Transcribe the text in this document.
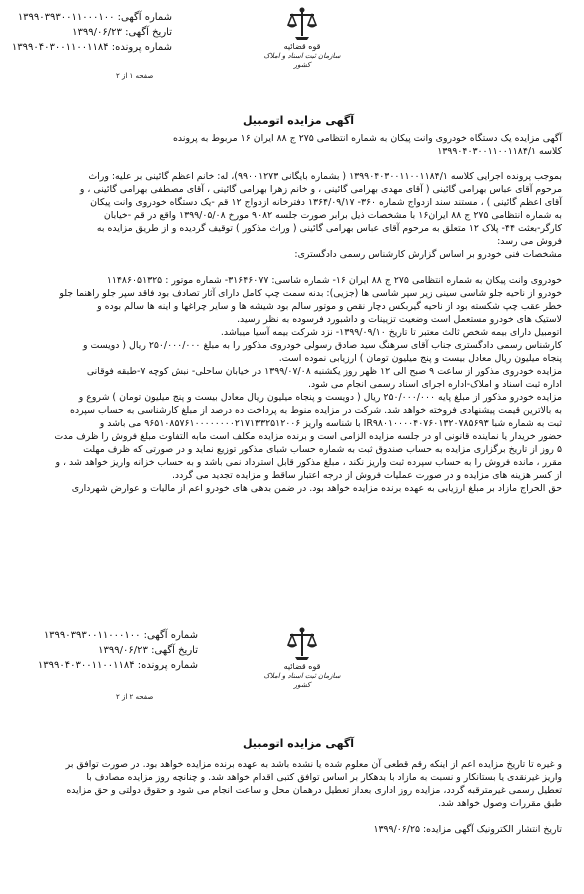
شماره آگهی: ۱۳۹۹۰۳۹۳۰۰۱۱۰۰۰۱۰۰
تاریخ آگهی: ۱۳۹۹/۰۶/۲۳
شماره پرونده: ۱۳۹۹۰۴۰۳۰۰۱۱۰۰۱۱۸۴	قوه قضائیه
سازمان ثبت اسناد و املاک کشور
صفحه ۱ از ۲
آگهی مزایده اتومبیل

آگهی مزایده یک دستگاه خودروی وانت پیکان به شماره انتظامی ۲۷۵ ج ۸۸ ایران ۱۶ مربوط به پرونده

کلاسه ۱۳۹۹۰۴۰۳۰۰۱۱۰۰۱۱۸۴/۱

بموجب پرونده اجرایی کلاسه ۱۳۹۹۰۴۰۳۰۰۱۱۰۰۱۱۸۴/۱ ( بشماره بایگانی ۹۹۰۰۱۲۷۳)، له: خانم اعظم گائینی بر علیه: وراث

مرحوم آقای عباس بهرامی گائینی ( آقای مهدی بهرامی گائینی ، و خانم زهرا بهرامی گائینی ، آقای مصطفی بهرامی گائینی ، و

آقای اعظم گائینی ) ، مستند سند ازدواج شماره ۳۶۰- ۱۳۶۴/۰۹/۱۷ دفترخانه ازدواج ۱۲ قم -یک دستگاه خودروی وانت پیکان

به شماره انتظامی ۲۷۵ ج ۸۸ ایران۱۶ با مشخصات ذیل برابر صورت جلسه ۹۰۸۲ مورخ ۱۳۹۹/۰۵/۰۸ واقع در قم -خیابان

کارگر-بعثت ۴۴- پلاک ۱۲ متعلق به مرحوم آقای عباس بهرامی گائینی ( وراث مذکور ) توقیف گردیده و از طریق مزایده به

فروش می رسد:

مشخصات فنی خودرو بر اساس گزارش کارشناس رسمی دادگستری:

خودروی وانت پیکان به شماره انتظامی ۲۷۵ ج ۸۸ ایران ۱۶- شماره شاسی: ۳۱۶۴۶۰۷۷- شماره موتور : ۱۱۴۸۶۰۵۱۳۲۵

خودرو از ناحیه جلو شاسی سینی زیر سپر شاسی ها (جزیی): بدنه سمت چپ کامل دارای آثار تصادف بود فاقد سپر جلو راهنما جلو

خطر عقب چپ شکسته بود از ناحیه گیربکس دچار نقص و موتور سالم بود شیشه ها و سایر چراغها و اینه ها سالم بوده و

لاستیک های خودرو مستعمل است وضعیت تزیینات و داشبورد فرسوده به نظر رسید.

اتومبیل دارای بیمه شخص ثالث معتبر تا تاریخ ۱۳۹۹/۰۹/۱۰- نزد شرکت بیمه آسیا میباشد.

کارشناس رسمی دادگستری جناب آقای سرهنگ سید صادق رسولی خودروی مذکور را به مبلغ ۲۵۰/۰۰۰/۰۰۰ ریال ( دویست و

پنجاه میلیون ریال معادل بیست و پنج میلیون تومان ) ارزیابی نموده است.

مزایده خودروی مذکور از ساعت ۹ صبح الی ۱۲ ظهر روز یکشنبه ۱۳۹۹/۰۷/۰۸ در خیابان ساحلی- نبش کوچه ۷-طبقه فوقانی

اداره ثبت اسناد و املاک-اداره اجرای اسناد رسمی انجام می شود.

مزایده خودرو مذکور از مبلغ پایه ۲۵۰/۰۰۰/۰۰۰ ریال ( دویست و پنجاه میلیون ریال معادل بیست و پنج میلیون تومان ) شروع و

به بالاترین قیمت پیشنهادی فروخته خواهد شد. شرکت در مزایده منوط به پرداخت ده درصد از مبلغ کارشناسی به حساب سپرده

ثبت به شماره شبا IR۹۸۰۱۰۰۰۰۴۰۷۶۰۱۳۲۰۷۸۵۶۹۳ با شناسه واریز ۹۶۵۱۰۸۵۷۶۱۰۰۰۰۰۰۰۰۲۱۷۱۳۳۲۵۱۲۰۰۶ می باشد و

حضور خریدار یا نماینده قانونی او در جلسه مزایده الزامی است و برنده مزایده مکلف است مابه التفاوت مبلغ فروش را ظرف مدت

۵ روز از تاریخ برگزاری مزایده به حساب صندوق ثبت به شماره حساب شبای مذکور توزیع نماید و در صورتی که ظرف مهلت

مقرر ، مانده فروش را به حساب سپرده ثبت واریز نکند ، مبلغ مذکور قابل استرداد نمی باشد و به حساب خزانه واریز خواهد شد ، و

از کسر هزینه های مزایده و در صورت عملیات فروش از درجه اعتبار ساقط و مزایده تجدید می گردد.

حق الحراج مازاد بر مبلغ ارزیابی به عهده برنده مزایده خواهد بود. در ضمن بدهی های خودرو اعم از مالیات و عوارض شهرداری

شماره آگهی: ۱۳۹۹۰۳۹۳۰۰۱۱۰۰۰۱۰۰
تاریخ آگهی: ۱۳۹۹/۰۶/۲۳
شماره پرونده: ۱۳۹۹۰۴۰۳۰۰۱۱۰۰۱۱۸۴	قوه قضائیه
سازمان ثبت اسناد و املاک کشور
صفحه ۲ از ۲
آگهی مزایده اتومبیل

و غیره تا تاریخ مزایده اعم از اینکه رقم قطعی آن معلوم شده یا نشده باشد به عهده برنده مزایده خواهد بود. در صورت توافق بر

واریز غیرنقدی یا بستانکار و نسبت به مازاد با بدهکار بر اساس توافق کتبی اقدام خواهد شد. و چنانچه روز مزایده مصادف با

تعطیل رسمی غیرمترقبه گردد، مزایده روز اداری بعداز تعطیل درهمان محل و ساعت انجام می شود و حقوق دولتی و حق مزایده

طبق مقررات وصول خواهد شد.

تاریخ انتشار الکترونیک آگهی مزایده: ۱۳۹۹/۰۶/۲۵
